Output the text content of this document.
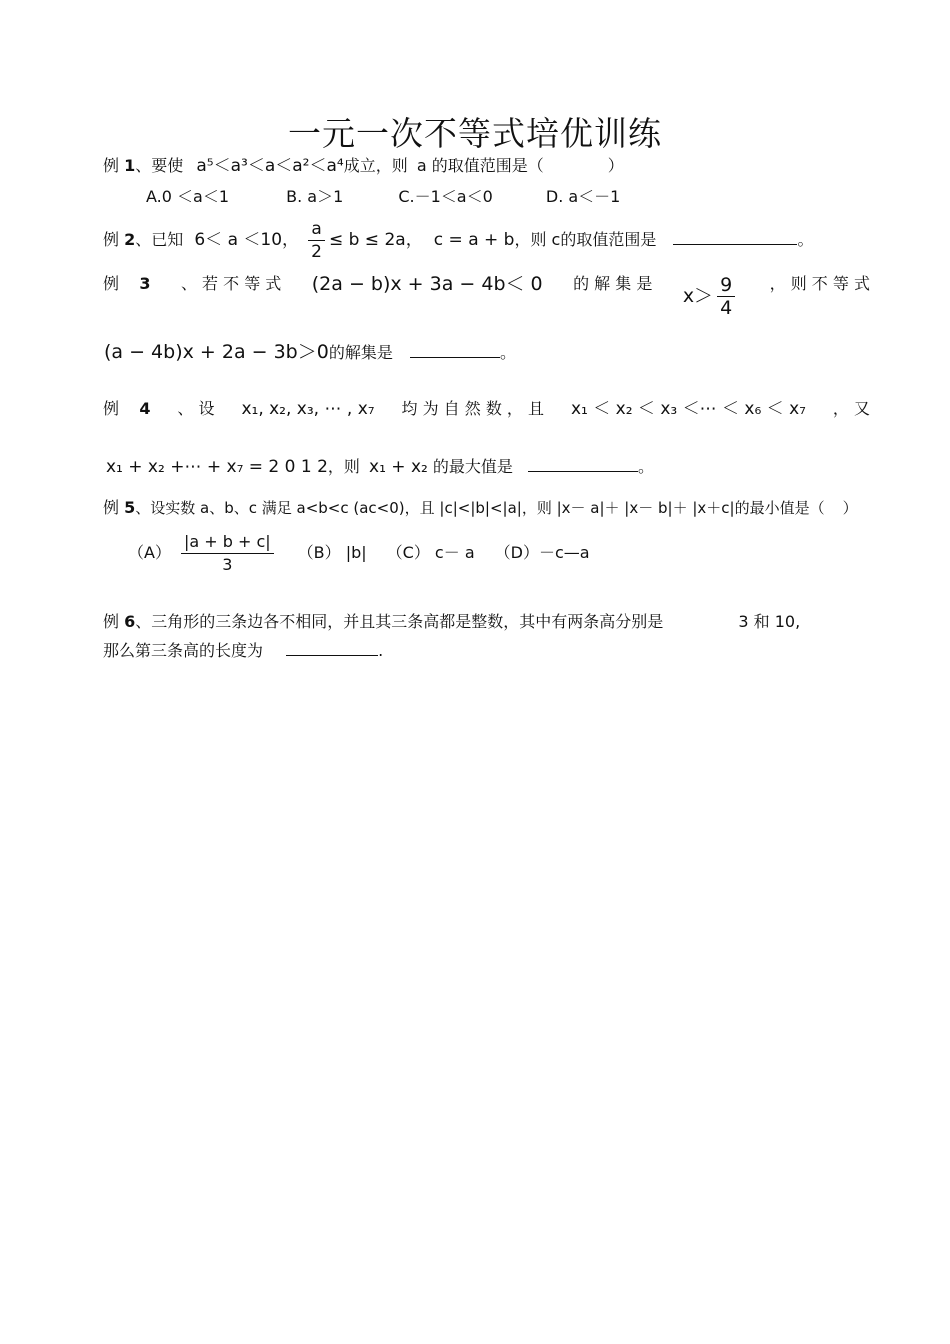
一元一次不等式培优训练
例 1、要使 a⁵＜a³＜a＜a²＜a⁴成立，则 a 的取值范围是（	）
A.0 ＜a＜1	B. a＞1	C.－1＜a＜0	D. a＜－1
例 2、已知 6＜ a ＜10， $\frac{a}{2} \le b \le 2a$， c = a + b，则 c的取值范围是	。
例 3 、 若 不 等 式 (2a − b)x + 3a − 4b＜ 0 的 解 集 是
$x> \frac{9}{4}$ ， 则 不 等 式
(a − 4b)x + 2a − 3b＞0的解集是	。
例 4 、 设 x₁, x₂, x₃, ⋯ , x₇ 均 为 自 然 数 ， 且 x₁ ＜ x₂ ＜ x₃ ＜⋯ ＜ x₆ ＜ x₇ ， 又
x₁ + x₂ +⋯ + x₇ = 2 0 1 2，则 x₁ + x₂ 的最大值是	。
例 5、设实数 a、b、c 满足 a<b<c (ac<0)，且 |c|<|b|<|a|，则 |x－ a|＋ |x－ b|＋ |x＋c|的最小值是（ ）
$(A) \frac{|a + b + c|}{3} (B)$ |b| （C） c－ a （D）－c—a
例 6、三角形的三条边各不相同，并且其三条高都是整数，其中有两条高分别是	3 和 10,
那么第三条高的长度为	.
